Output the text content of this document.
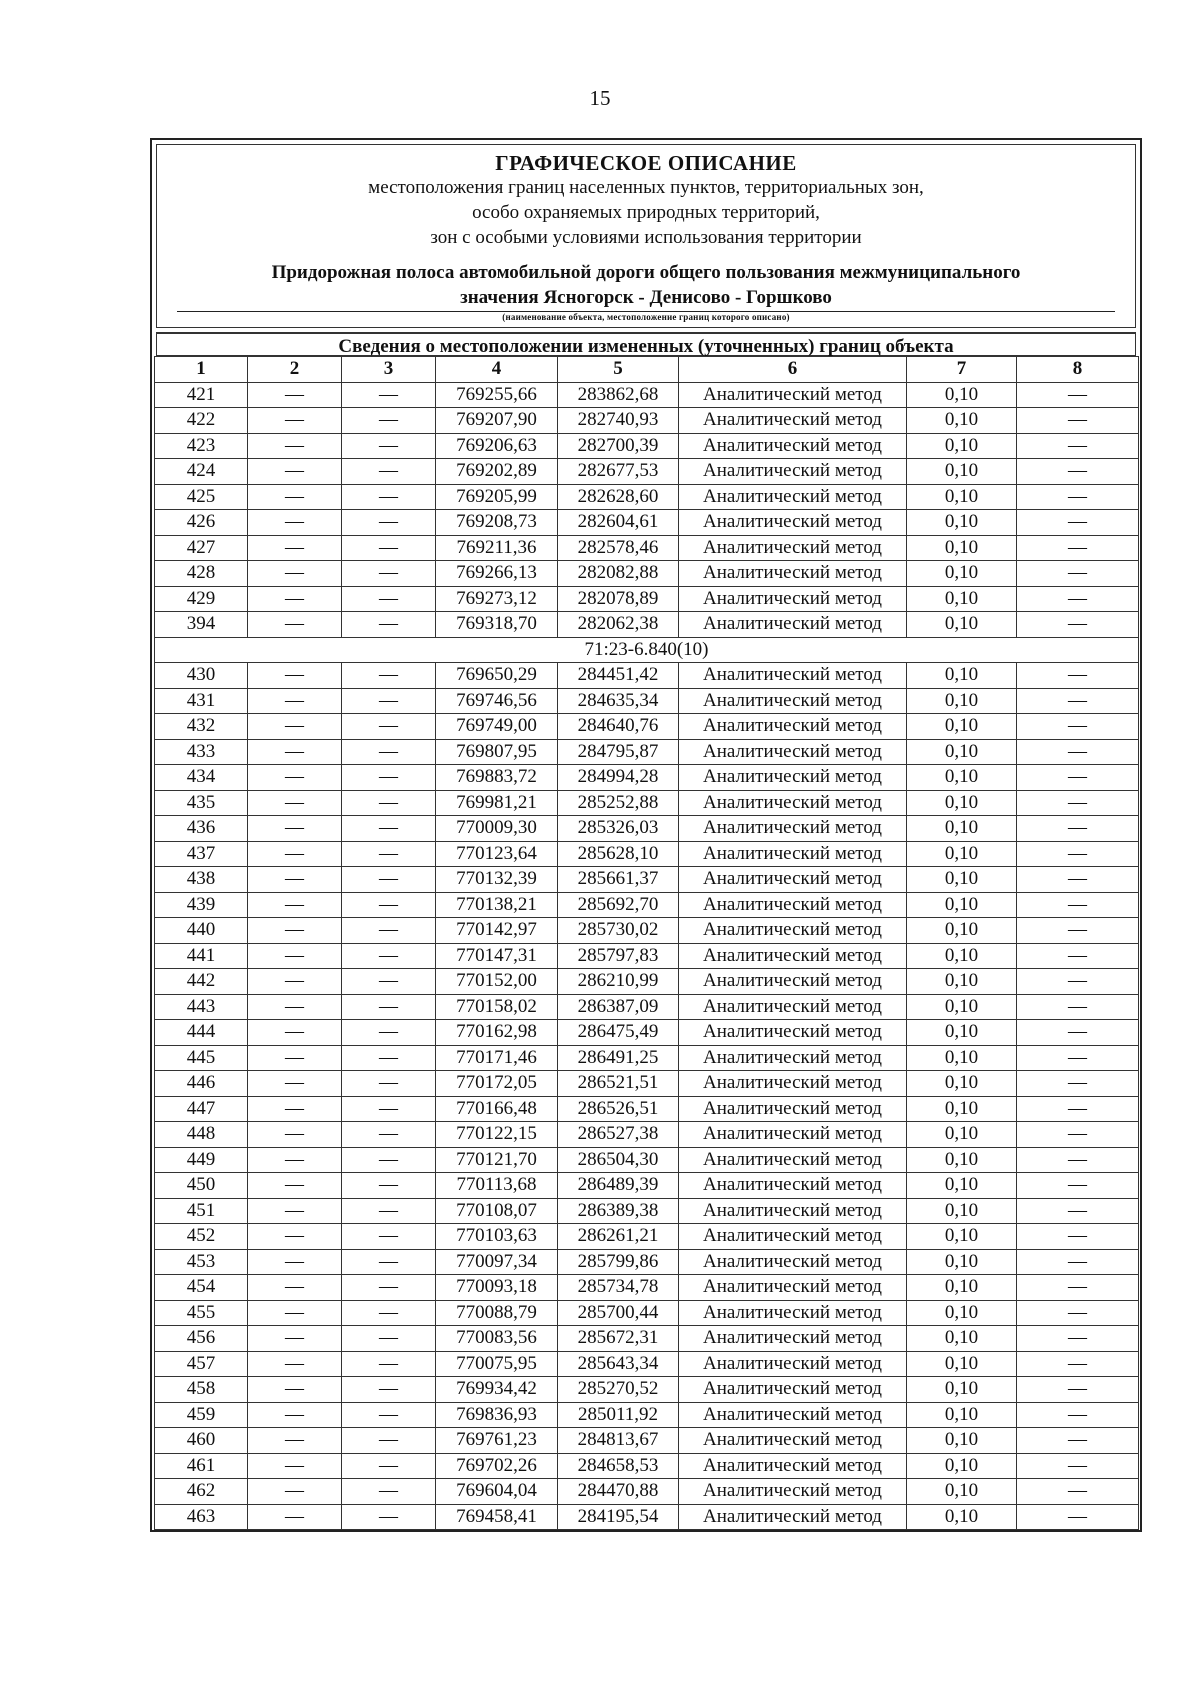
15
ГРАФИЧЕСКОЕ ОПИСАНИЕ
местоположения границ населенных пунктов, территориальных зон,
особо охраняемых природных территорий,
зон с особыми условиями использования территории
Придорожная полоса автомобильной дороги общего пользования межмуниципального
значения Ясногорск - Денисово - Горшково
(наименование объекта, местоположение границ которого описано)
Сведения о местоположении измененных (уточненных) границ объекта
1	2	3	4	5	6	7	8
421	—	—	769255,66	283862,68	Аналитический метод	0,10	—
422	—	—	769207,90	282740,93	Аналитический метод	0,10	—
423	—	—	769206,63	282700,39	Аналитический метод	0,10	—
424	—	—	769202,89	282677,53	Аналитический метод	0,10	—
425	—	—	769205,99	282628,60	Аналитический метод	0,10	—
426	—	—	769208,73	282604,61	Аналитический метод	0,10	—
427	—	—	769211,36	282578,46	Аналитический метод	0,10	—
428	—	—	769266,13	282082,88	Аналитический метод	0,10	—
429	—	—	769273,12	282078,89	Аналитический метод	0,10	—
394	—	—	769318,70	282062,38	Аналитический метод	0,10	—
71:23-6.840(10)							
430	—	—	769650,29	284451,42	Аналитический метод	0,10	—
431	—	—	769746,56	284635,34	Аналитический метод	0,10	—
432	—	—	769749,00	284640,76	Аналитический метод	0,10	—
433	—	—	769807,95	284795,87	Аналитический метод	0,10	—
434	—	—	769883,72	284994,28	Аналитический метод	0,10	—
435	—	—	769981,21	285252,88	Аналитический метод	0,10	—
436	—	—	770009,30	285326,03	Аналитический метод	0,10	—
437	—	—	770123,64	285628,10	Аналитический метод	0,10	—
438	—	—	770132,39	285661,37	Аналитический метод	0,10	—
439	—	—	770138,21	285692,70	Аналитический метод	0,10	—
440	—	—	770142,97	285730,02	Аналитический метод	0,10	—
441	—	—	770147,31	285797,83	Аналитический метод	0,10	—
442	—	—	770152,00	286210,99	Аналитический метод	0,10	—
443	—	—	770158,02	286387,09	Аналитический метод	0,10	—
444	—	—	770162,98	286475,49	Аналитический метод	0,10	—
445	—	—	770171,46	286491,25	Аналитический метод	0,10	—
446	—	—	770172,05	286521,51	Аналитический метод	0,10	—
447	—	—	770166,48	286526,51	Аналитический метод	0,10	—
448	—	—	770122,15	286527,38	Аналитический метод	0,10	—
449	—	—	770121,70	286504,30	Аналитический метод	0,10	—
450	—	—	770113,68	286489,39	Аналитический метод	0,10	—
451	—	—	770108,07	286389,38	Аналитический метод	0,10	—
452	—	—	770103,63	286261,21	Аналитический метод	0,10	—
453	—	—	770097,34	285799,86	Аналитический метод	0,10	—
454	—	—	770093,18	285734,78	Аналитический метод	0,10	—
455	—	—	770088,79	285700,44	Аналитический метод	0,10	—
456	—	—	770083,56	285672,31	Аналитический метод	0,10	—
457	—	—	770075,95	285643,34	Аналитический метод	0,10	—
458	—	—	769934,42	285270,52	Аналитический метод	0,10	—
459	—	—	769836,93	285011,92	Аналитический метод	0,10	—
460	—	—	769761,23	284813,67	Аналитический метод	0,10	—
461	—	—	769702,26	284658,53	Аналитический метод	0,10	—
462	—	—	769604,04	284470,88	Аналитический метод	0,10	—
463	—	—	769458,41	284195,54	Аналитический метод	0,10	—
